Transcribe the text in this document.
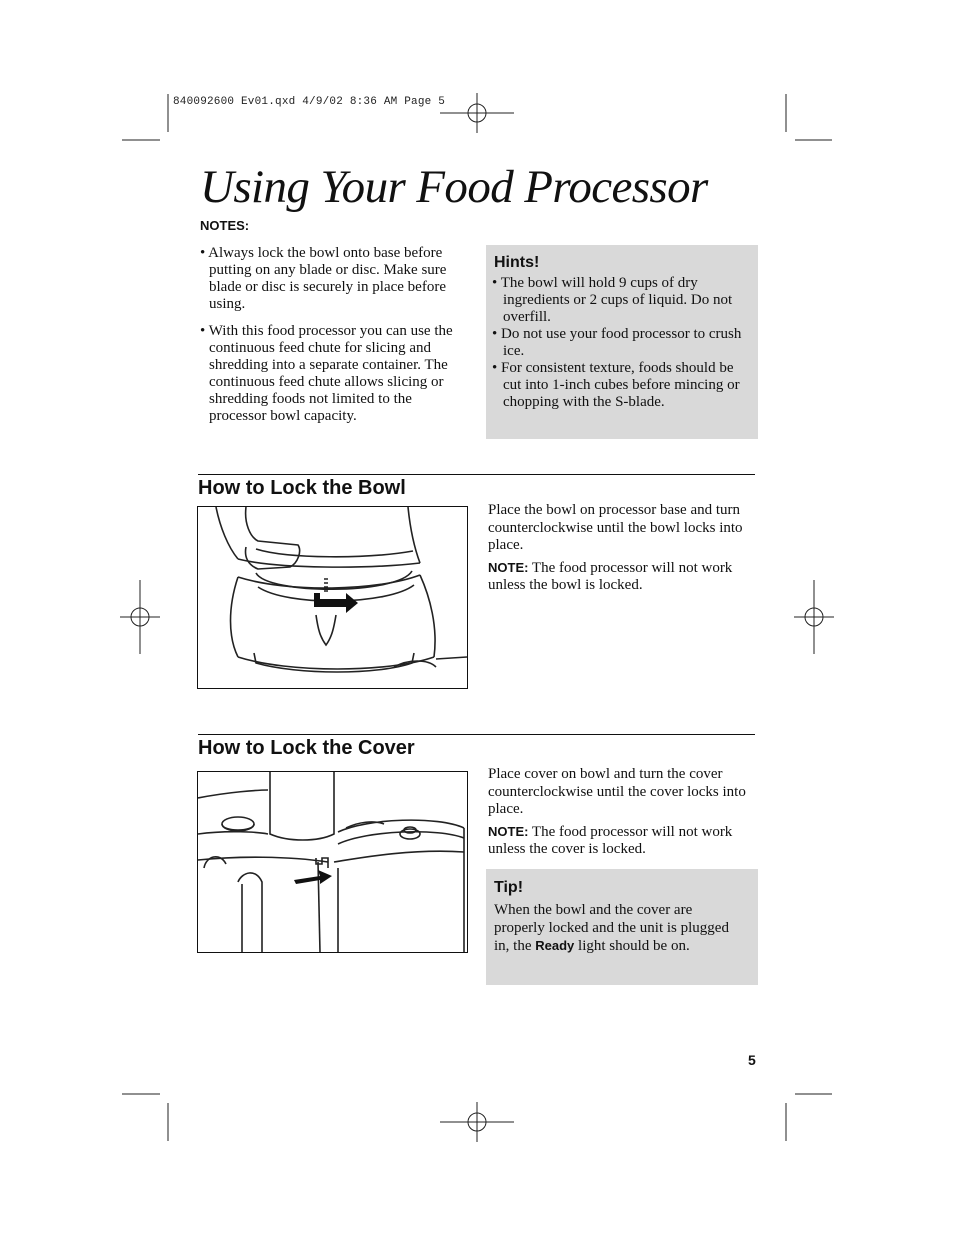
840092600 Ev01.qxd 4/9/02 8:36 AM Page 5
Using Your Food Processor
NOTES:
• Always lock the bowl onto base before putting on any blade or disc. Make sure blade or disc is securely in place before using.
• With this food processor you can use the continuous feed chute for slicing and shredding into a separate container. The continuous feed chute allows slicing or shredding foods not limited to the processor bowl capacity.
Hints!
• The bowl will hold 9 cups of dry ingredients or 2 cups of liquid. Do not overfill.
• Do not use your food processor to crush ice.
• For consistent texture, foods should be cut into 1-inch cubes before mincing or chopping with the S-blade.
How to Lock the Bowl
Place the bowl on processor base and turn counterclockwise until the bowl locks into place.
NOTE: The food processor will not work unless the bowl is locked.
How to Lock the Cover
Place cover on bowl and turn the cover counterclockwise until the cover locks into place.
NOTE: The food processor will not work unless the cover is locked.
Tip!
When the bowl and the cover are properly locked and the unit is plugged in, the Ready light should be on.
5
